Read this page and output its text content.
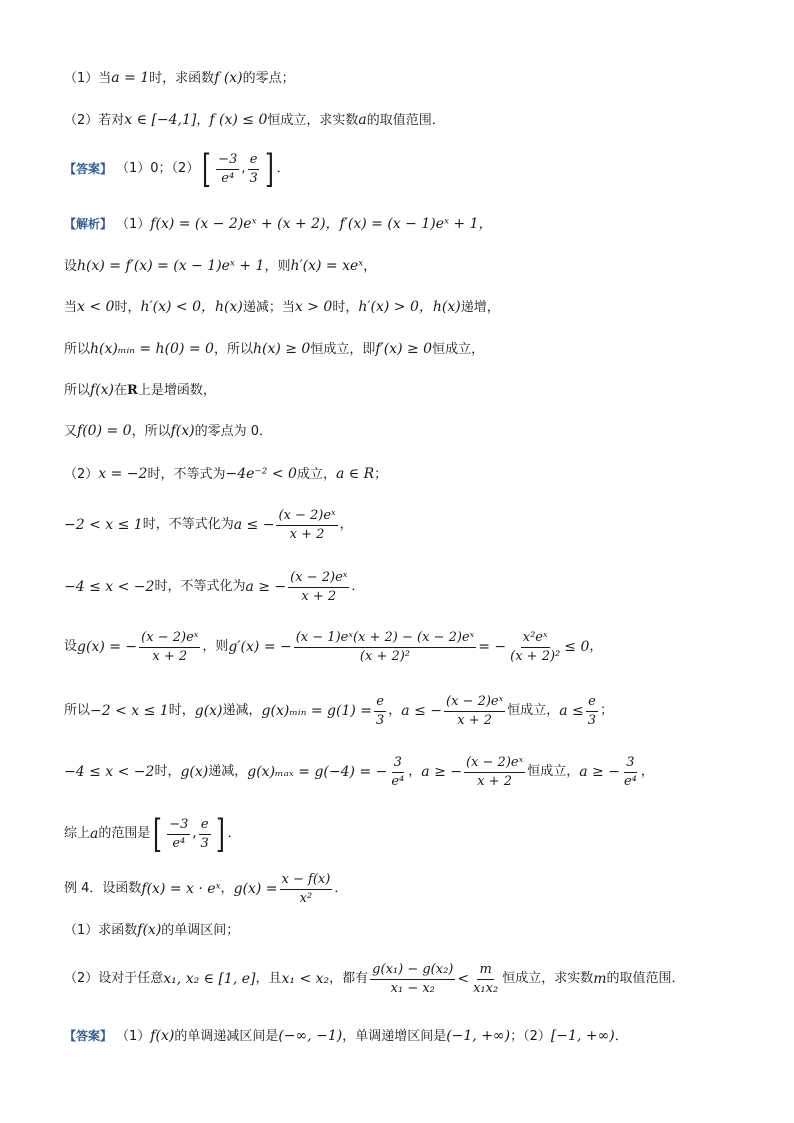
（1）当 a = 1 时，求函数 f (x) 的零点；
（2）若对 x ∈ [−4,1] ， f (x) ≤ 0 恒成立，求实数 a 的取值范围．
【答案】 （1）0；（2） [ $\frac{-3}{\text{e⁴}}$ , $\frac{e}{3}$ ] ．
【解析】 （1） f(x) = (x − 2)eˣ + (x + 2)，f′(x) = (x − 1)eˣ + 1，
设 h(x) = f′(x) = (x − 1)eˣ + 1 ，则 h′(x) = xeˣ ，
当 x < 0 时， h′(x) < 0，h(x) 递减；当 x > 0 时， h′(x) > 0，h(x) 递增，
所以 h(x)ₘᵢₙ = h(0) = 0 ，所以 h(x) ≥ 0 恒成立，即 f′(x) ≥ 0 恒成立，
所以 f(x) 在 R 上是增函数，
又 f(0) = 0 ，所以 f(x) 的零点为 0．
（2） x = −2 时，不等式为 −4e⁻² < 0 成立， a ∈ R ；
−2 < x ≤ 1 时，不等式化为 a ≤ − $\frac{\text{(x − 2)eˣ}}{x + 2}$ ，
−4 ≤ x < −2 时，不等式化为 a ≥ − $\frac{\text{(x − 2)eˣ}}{x + 2}$ ．
设 g(x) = − $\frac{\text{(x − 2)eˣ}}{x + 2}$ ，则 g′(x) = − $\frac{\text{(x − 1)eˣ(x + 2) − (x − 2)eˣ}}{\text{(x + 2)²}}$ = − $\frac{\text{x²eˣ}}{\text{(x + 2)²}} \le 0$ ，
所以 −2 < x ≤ 1 时， g(x) 递减， g(x)ₘᵢₙ = $g(1) = \frac{e}{3}$ ， a ≤ − $\frac{\text{(x − 2)eˣ}}{x + 2}$ 恒成立， $a \le \frac{e}{3}$ ；
−4 ≤ x < −2 时， g(x) 递减， g(x)ₘₐₓ = g(−4) = − $\frac{3}{\text{e⁴}}$ ， a ≥ − $\frac{\text{(x − 2)eˣ}}{x + 2}$ 恒成立， a ≥ − $\frac{3}{\text{e⁴}}$ ，
综上 a 的范围是 [ $\frac{-3}{\text{e⁴}}$ , $\frac{e}{3}$ ] ．
例 4．设函数 f(x) = x · eˣ ， $g(x) = \frac{x - f(x)}{\text{x²}}$ ．
（1）求函数 f(x) 的单调区间；
（2）设对于任意 x₁, x₂ ∈ [1, e] ，且 x₁ < x₂ ，都有 $\frac{\text{g(x₁) − g(x₂)}}{\text{x₁ − x₂}} < \frac{m}{\text{x₁x₂}}$ 恒成立，求实数 m 的取值范围．
【答案】 （1） f(x) 的单调递减区间是 (−∞, −1) ，单调递增区间是 (−1, +∞) ；（2） [−1, +∞) ．
